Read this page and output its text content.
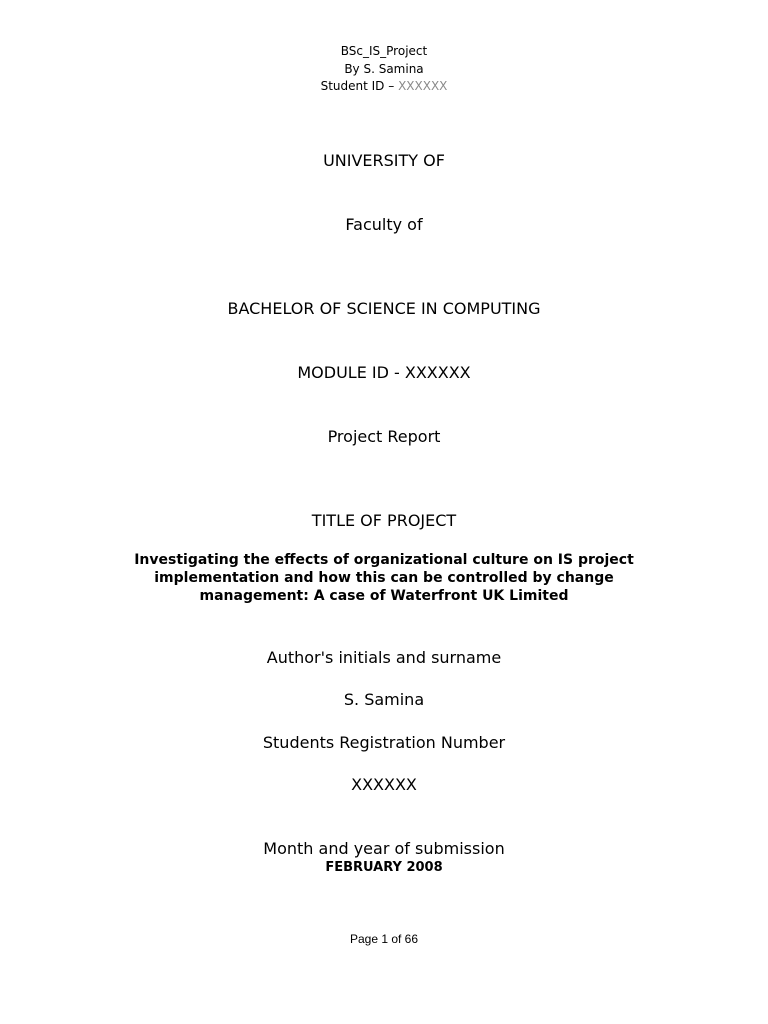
BSc_IS_Project
By S. Samina
Student ID – XXXXXX
UNIVERSITY OF
Faculty of
BACHELOR OF SCIENCE IN COMPUTING
MODULE ID - XXXXXX
Project Report
TITLE OF PROJECT
Investigating the effects of organizational culture on IS project
implementation and how this can be controlled by change
management: A case of Waterfront UK Limited
Author's initials and surname
S. Samina
Students Registration Number
XXXXXX
Month and year of submission
FEBRUARY 2008
Page 1 of 66
